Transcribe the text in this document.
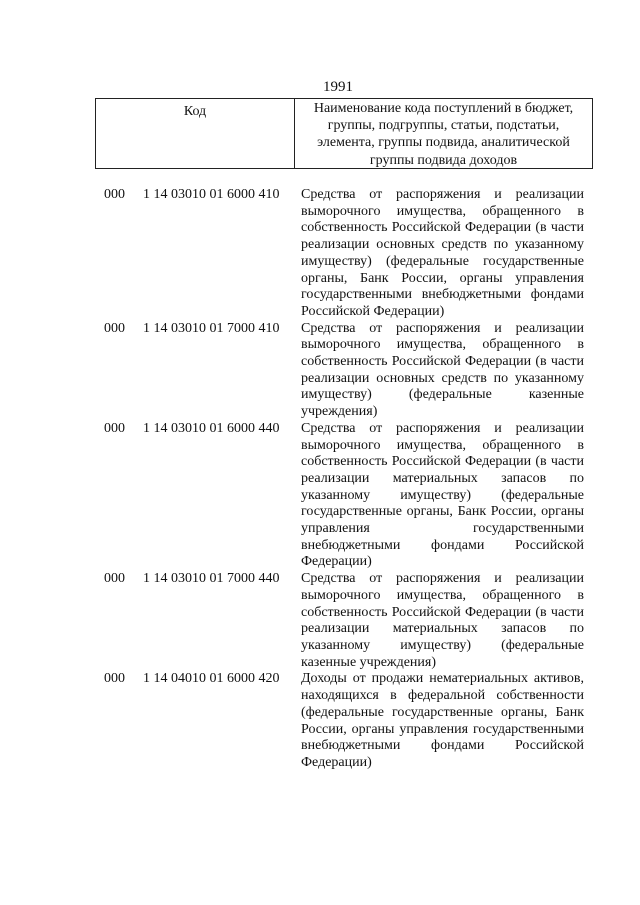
1991
Код	Наименование кода поступлений в бюджет, группы, подгруппы, статьи, подстатьи, элемента, группы подвида, аналитической группы подвида доходов
000 1 14 03010 01 6000 410 Средства от распоряжения и реализации выморочного имущества, обращенного в собственность Российской Федерации (в части реализации основных средств по указанному имуществу) (федеральные государственные органы, Банк России, органы управления государственными внебюджетными фондами Российской Федерации)
000 1 14 03010 01 7000 410 Средства от распоряжения и реализации выморочного имущества, обращенного в собственность Российской Федерации (в части реализации основных средств по указанному имуществу) (федеральные казенные учреждения)
000 1 14 03010 01 6000 440 Средства от распоряжения и реализации выморочного имущества, обращенного в собственность Российской Федерации (в части реализации материальных запасов по указанному имуществу) (федеральные государственные органы, Банк России, органы управления государственными внебюджетными фондами Российской Федерации)
000 1 14 03010 01 7000 440 Средства от распоряжения и реализации выморочного имущества, обращенного в собственность Российской Федерации (в части реализации материальных запасов по указанному имуществу) (федеральные казенные учреждения)
000 1 14 04010 01 6000 420 Доходы от продажи нематериальных активов, находящихся в федеральной собственности (федеральные государственные органы, Банк России, органы управления государственными внебюджетными фондами Российской Федерации)
